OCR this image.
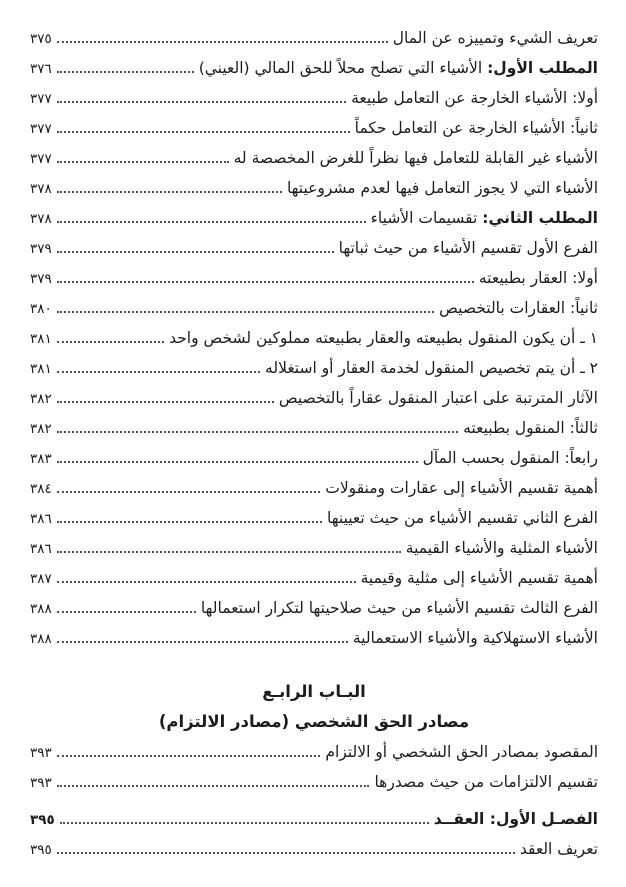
تعريف الشيء وتمييزه عن المال
٣٧٥
المطلب الأول: الأشياء التي تصلح محلاً للحق المالي (العيني)
٣٧٦
أولا: الأشياء الخارجة عن التعامل طبيعة
٣٧٧
ثانياً: الأشياء الخارجة عن التعامل حكماً
٣٧٧
الأشياء غير القابلة للتعامل فيها نظراً للغرض المخصصة له
٣٧٧
الأشياء التي لا يجوز التعامل فيها لعدم مشروعيتها
٣٧٨
المطلب الثاني: تقسيمات الأشياء
٣٧٨
الفرع الأول تقسيم الأشياء من حيث ثباتها
٣٧٩
أولا: العقار بطبيعته
٣٧٩
ثانياً: العقارات بالتخصيص
٣٨٠
١ ـ أن يكون المنقول بطبيعته والعقار بطبيعته مملوكين لشخص واحد
٣٨١
٢ ـ أن يتم تخصيص المنقول لخدمة العقار أو استغلاله
٣٨١
الآثار المترتبة على اعتبار المنقول عقاراً بالتخصيص
٣٨٢
ثالثاً: المنقول بطبيعته
٣٨٢
رابعاً: المنقول بحسب المآل
٣٨٣
أهمية تقسيم الأشياء إلى عقارات ومنقولات
٣٨٤
الفرع الثاني تقسيم الأشياء من حيث تعيينها
٣٨٦
الأشياء المثلية والأشياء القيمية
٣٨٦
أهمية تقسيم الأشياء إلى مثلية وقيمية
٣٨٧
الفرع الثالث تقسيم الأشياء من حيث صلاحيتها لتكرار استعمالها
٣٨٨
الأشياء الاستهلاكية والأشياء الاستعمالية
٣٨٨
البـاب الرابـع
مصادر الحق الشخصي (مصادر الالتزام)
المقصود بمصادر الحق الشخصي أو الالتزام
٣٩٣
تقسيم الالتزامات من حيث مصدرها
٣٩٣
الفصـل الأول: العقــد
٣٩٥
تعريف العقد
٣٩٥
